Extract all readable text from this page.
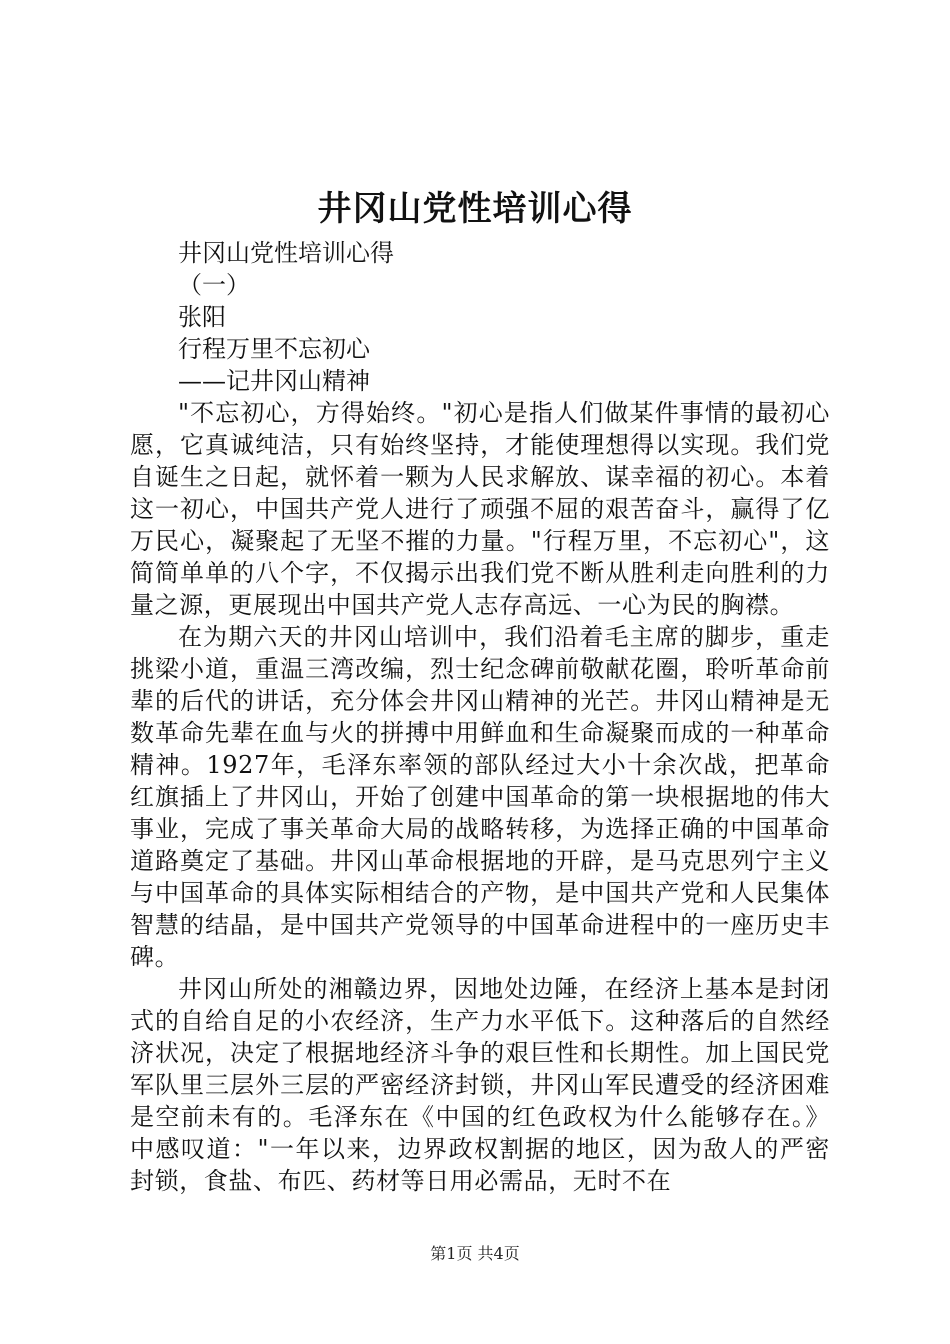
井冈山党性培训心得

井冈山党性培训心得

（一）

张阳

行程万里不忘初心

——记井冈山精神

"不忘初心，方得始终。"初心是指人们做某件事情的最初心愿，它真诚纯洁，只有始终坚持，才能使理想得以实现。我们党自诞生之日起，就怀着一颗为人民求解放、谋幸福的初心。本着这一初心，中国共产党人进行了顽强不屈的艰苦奋斗，赢得了亿万民心，凝聚起了无坚不摧的力量。"行程万里，不忘初心"，这简简单单的八个字，不仅揭示出我们党不断从胜利走向胜利的力量之源，更展现出中国共产党人志存高远、一心为民的胸襟。

在为期六天的井冈山培训中，我们沿着毛主席的脚步，重走挑梁小道，重温三湾改编，烈士纪念碑前敬献花圈，聆听革命前辈的后代的讲话，充分体会井冈山精神的光芒。井冈山精神是无数革命先辈在血与火的拼搏中用鲜血和生命凝聚而成的一种革命精神。1927年，毛泽东率领的部队经过大小十余次战，把革命红旗插上了井冈山，开始了创建中国革命的第一块根据地的伟大事业，完成了事关革命大局的战略转移，为选择正确的中国革命道路奠定了基础。井冈山革命根据地的开辟，是马克思列宁主义与中国革命的具体实际相结合的产物，是中国共产党和人民集体智慧的结晶，是中国共产党领导的中国革命进程中的一座历史丰碑。

井冈山所处的湘赣边界，因地处边陲，在经济上基本是封闭式的自给自足的小农经济，生产力水平低下。这种落后的自然经济状况，决定了根据地经济斗争的艰巨性和长期性。加上国民党军队里三层外三层的严密经济封锁，井冈山军民遭受的经济困难是空前未有的。毛泽东在《中国的红色政权为什么能够存在。》中感叹道："一年以来，边界政权割据的地区，因为敌人的严密封锁，食盐、布匹、药材等日用必需品，无时不在

第1页 共4页
